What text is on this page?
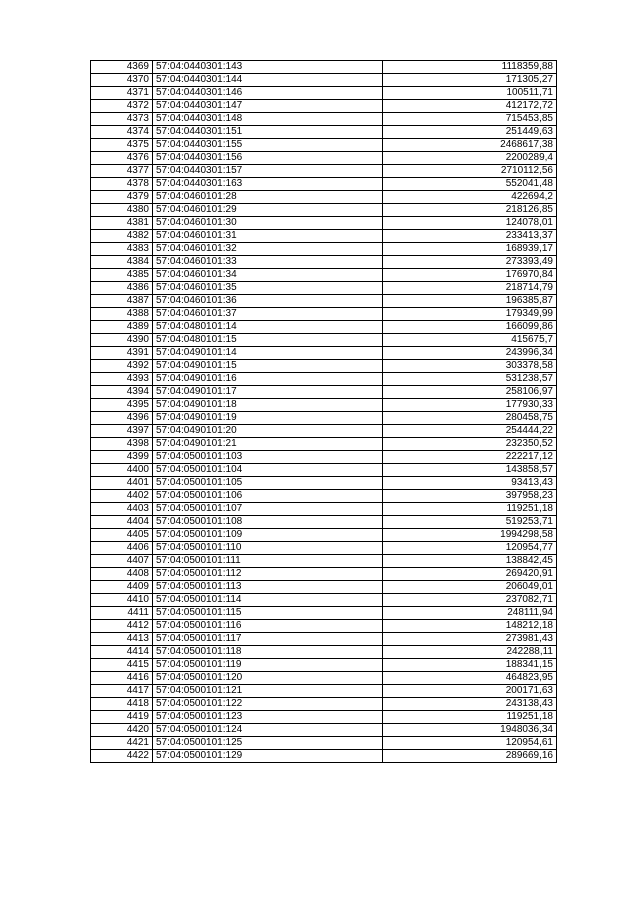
4369	57:04:0440301:143	1118359,88
4370	57:04:0440301:144	171305,27
4371	57:04:0440301:146	100511,71
4372	57:04:0440301:147	412172,72
4373	57:04:0440301:148	715453,85
4374	57:04:0440301:151	251449,63
4375	57:04:0440301:155	2468617,38
4376	57:04:0440301:156	2200289,4
4377	57:04:0440301:157	2710112,56
4378	57:04:0440301:163	552041,48
4379	57:04:0460101:28	422694,2
4380	57:04:0460101:29	218126,85
4381	57:04:0460101:30	124078,01
4382	57:04:0460101:31	233413,37
4383	57:04:0460101:32	168939,17
4384	57:04:0460101:33	273393,49
4385	57:04:0460101:34	176970,84
4386	57:04:0460101:35	218714,79
4387	57:04:0460101:36	196385,87
4388	57:04:0460101:37	179349,99
4389	57:04:0480101:14	166099,86
4390	57:04:0480101:15	415675,7
4391	57:04:0490101:14	243996,34
4392	57:04:0490101:15	303378,58
4393	57:04:0490101:16	531238,57
4394	57:04:0490101:17	258106,97
4395	57:04:0490101:18	177930,33
4396	57:04:0490101:19	280458,75
4397	57:04:0490101:20	254444,22
4398	57:04:0490101:21	232350,52
4399	57:04:0500101:103	222217,12
4400	57:04:0500101:104	143858,57
4401	57:04:0500101:105	93413,43
4402	57:04:0500101:106	397958,23
4403	57:04:0500101:107	119251,18
4404	57:04:0500101:108	519253,71
4405	57:04:0500101:109	1994298,58
4406	57:04:0500101:110	120954,77
4407	57:04:0500101:111	138842,45
4408	57:04:0500101:112	269420,91
4409	57:04:0500101:113	206049,01
4410	57:04:0500101:114	237082,71
4411	57:04:0500101:115	248111,94
4412	57:04:0500101:116	148212,18
4413	57:04:0500101:117	273981,43
4414	57:04:0500101:118	242288,11
4415	57:04:0500101:119	188341,15
4416	57:04:0500101:120	464823,95
4417	57:04:0500101:121	200171,63
4418	57:04:0500101:122	243138,43
4419	57:04:0500101:123	119251,18
4420	57:04:0500101:124	1948036,34
4421	57:04:0500101:125	120954,61
4422	57:04:0500101:129	289669,16
